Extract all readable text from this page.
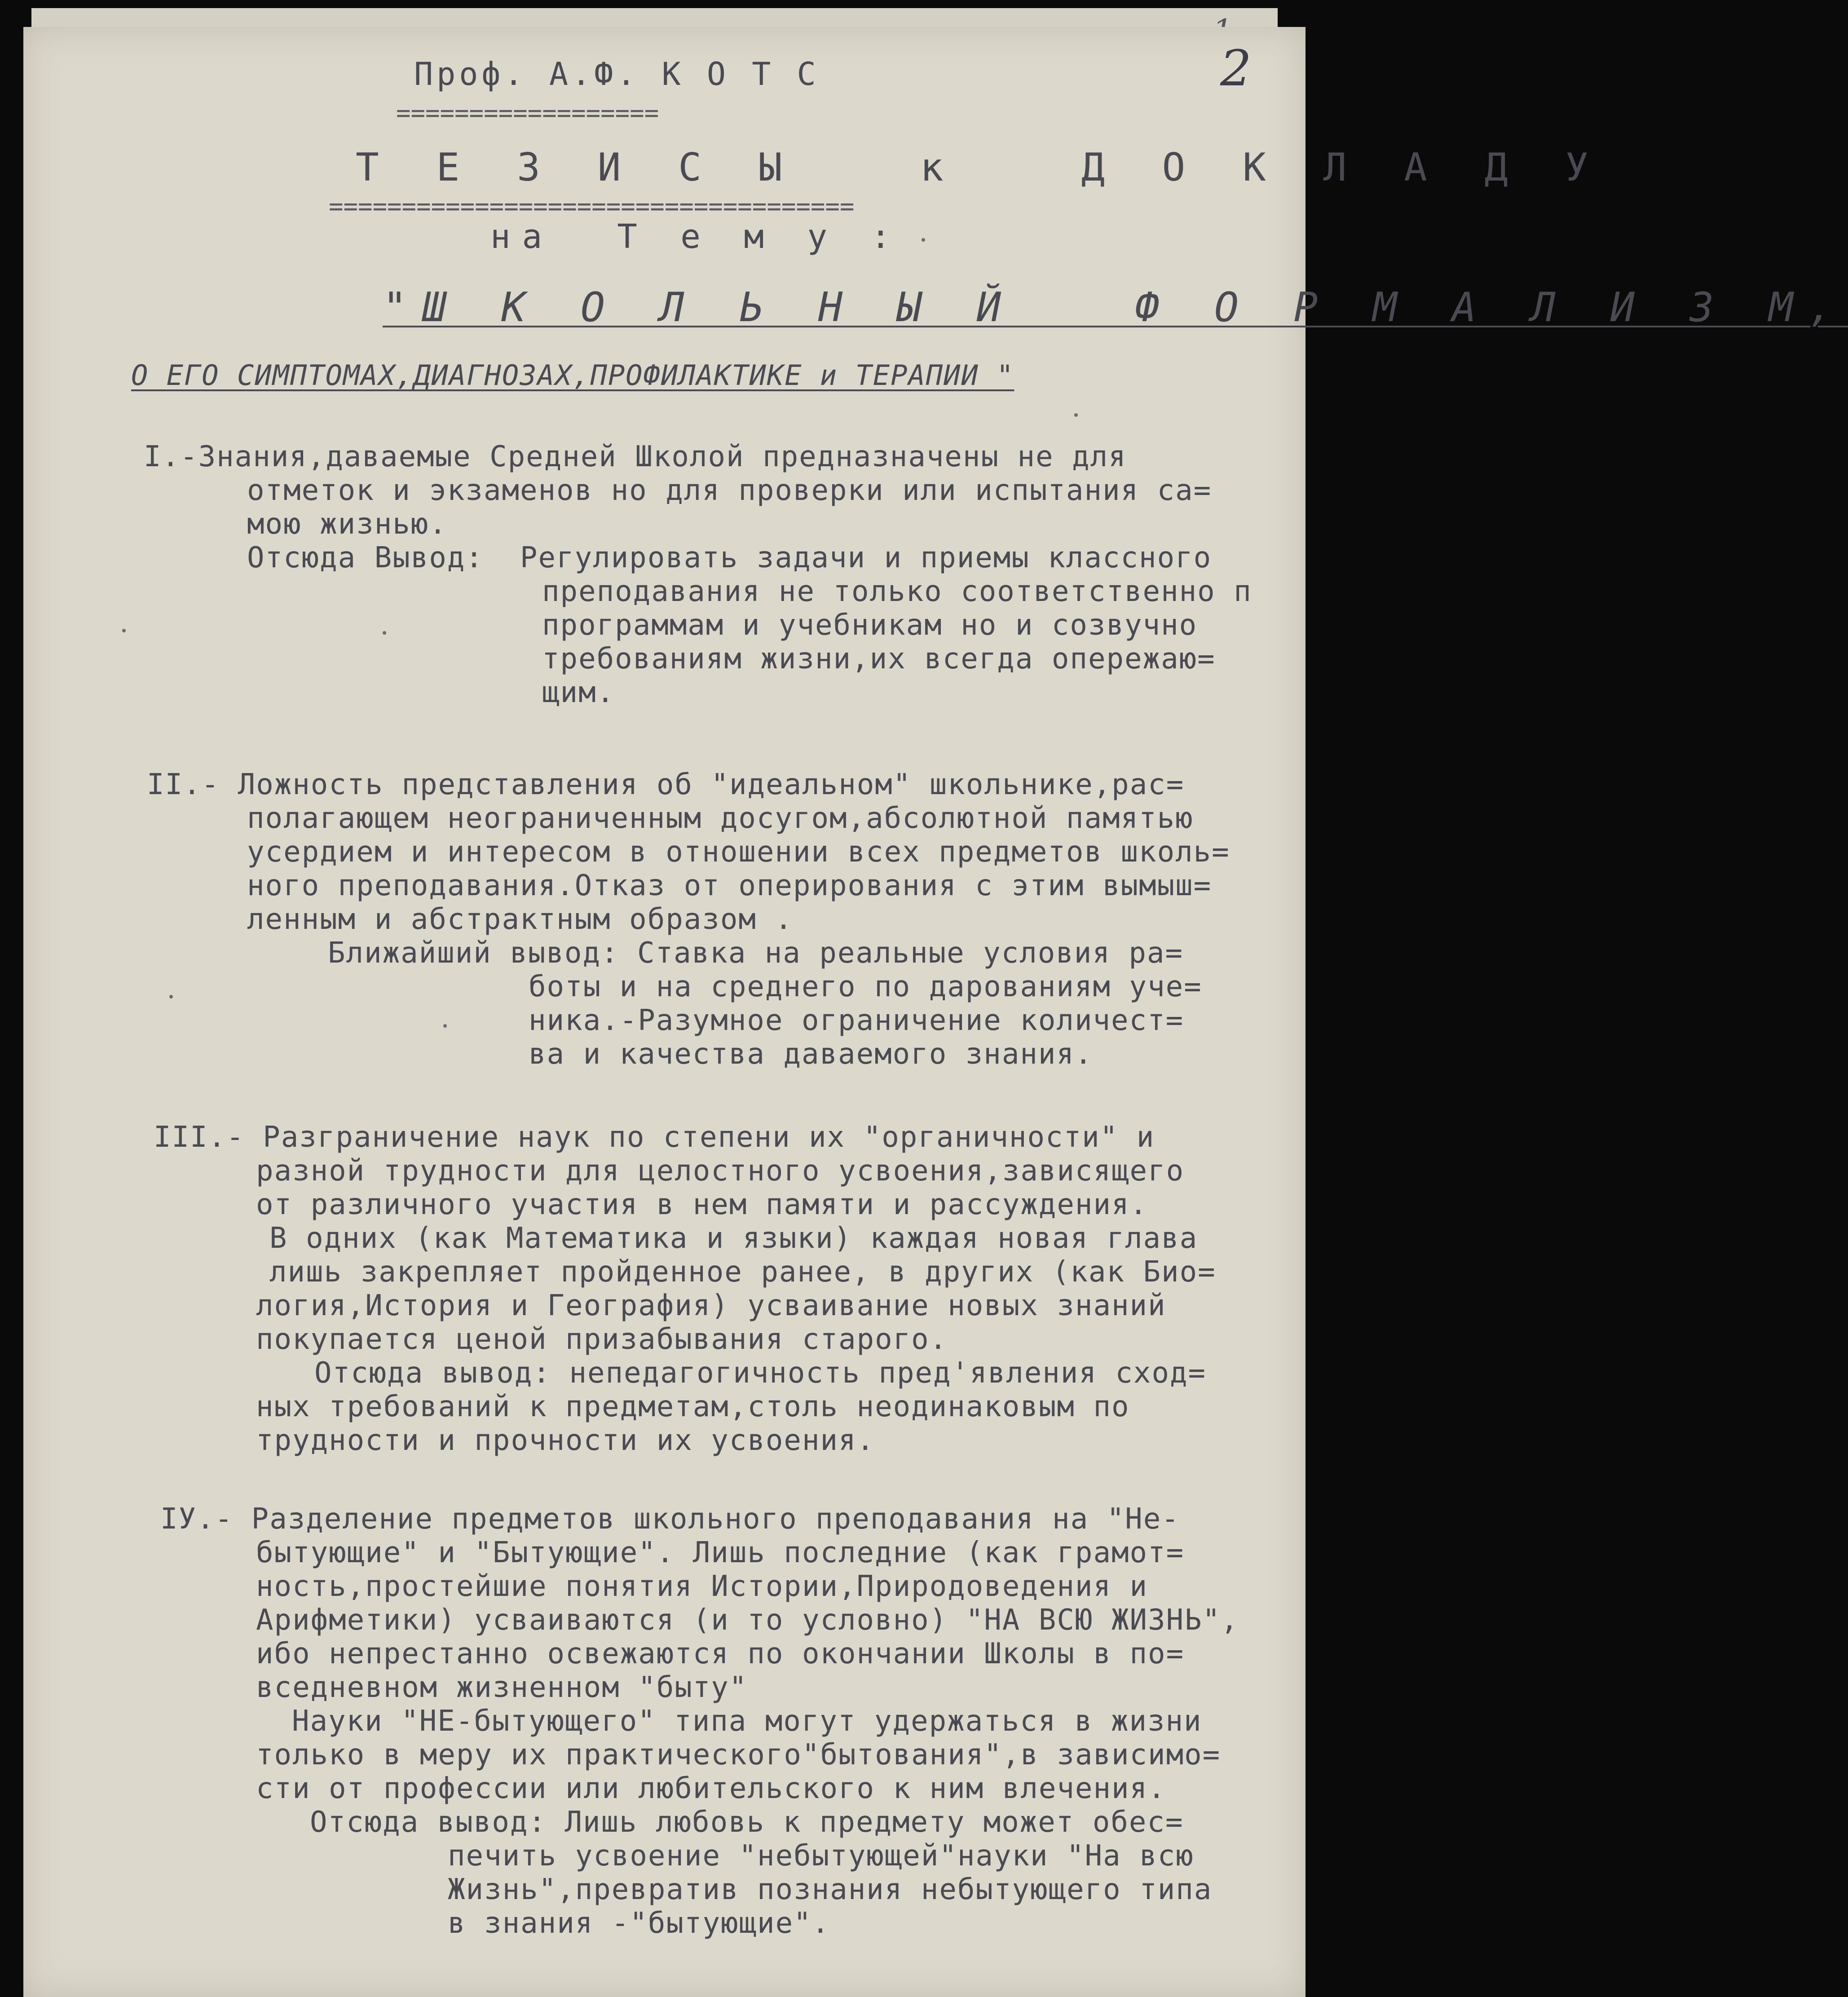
Проф. А.Ф. К О Т С
==================
2
Т Е З И С Ы   к   Д О К Л А Д У
====================================
на  Т е м у :
"Ш К О Л Ь Н Ы Й   Ф О Р М А Л И З М,
О ЕГО СИМПТОМАХ,ДИАГНОЗАХ,ПРОФИЛАКТИКЕ и ТЕРАПИИ "
I.-Знания,даваемые Средней Школой предназначены не для
отметок и экзаменов но для проверки или испытания са=
мою жизнью.
Отсюда Вывод:  Регулировать задачи и приемы классного
преподавания не только соответственно п
программам и учебникам но и созвучно
требованиям жизни,их всегда опережаю=
щим.
II.- Ложность представления об "идеальном" школьнике,рас=
полагающем неограниченным досугом,абсолютной памятью
усердием и интересом в отношении всех предметов школь=
ного преподавания.Отказ от оперирования с этим вымыш=
ленным и абстрактным образом .
Ближайший вывод: Ставка на реальные условия ра=
боты и на среднего по дарованиям уче=
ника.-Разумное ограничение количест=
ва и качества даваемого знания.
III.- Разграничение наук по степени их "органичности" и
разной трудности для целостного усвоения,зависящего
от различного участия в нем памяти и рассуждения.
В одних (как Математика и языки) каждая новая глава
лишь закрепляет пройденное ранее, в других (как Био=
логия,История и География) усваивание новых знаний
покупается ценой призабывания старого.
Отсюда вывод: непедагогичность пред'явления сход=
ных требований к предметам,столь неодинаковым по
трудности и прочности их усвоения.
IУ.- Разделение предметов школьного преподавания на "Не-
бытующие" и "Бытующие". Лишь последние (как грамот=
ность,простейшие понятия Истории,Природоведения и
Арифметики) усваиваются (и то условно) "НА ВСЮ ЖИЗНЬ",
ибо непрестанно освежаются по окончании Школы в по=
вседневном жизненном "быту"
Науки "НЕ-бытующего" типа могут удержаться в жизни
только в меру их практического"бытования",в зависимо=
сти от профессии или любительского к ним влечения.
Отсюда вывод: Лишь любовь к предмету может обес=
печить усвоение "небытующей"науки "На всю
Жизнь",превратив познания небытующего типа
в знания -"бытующие".
